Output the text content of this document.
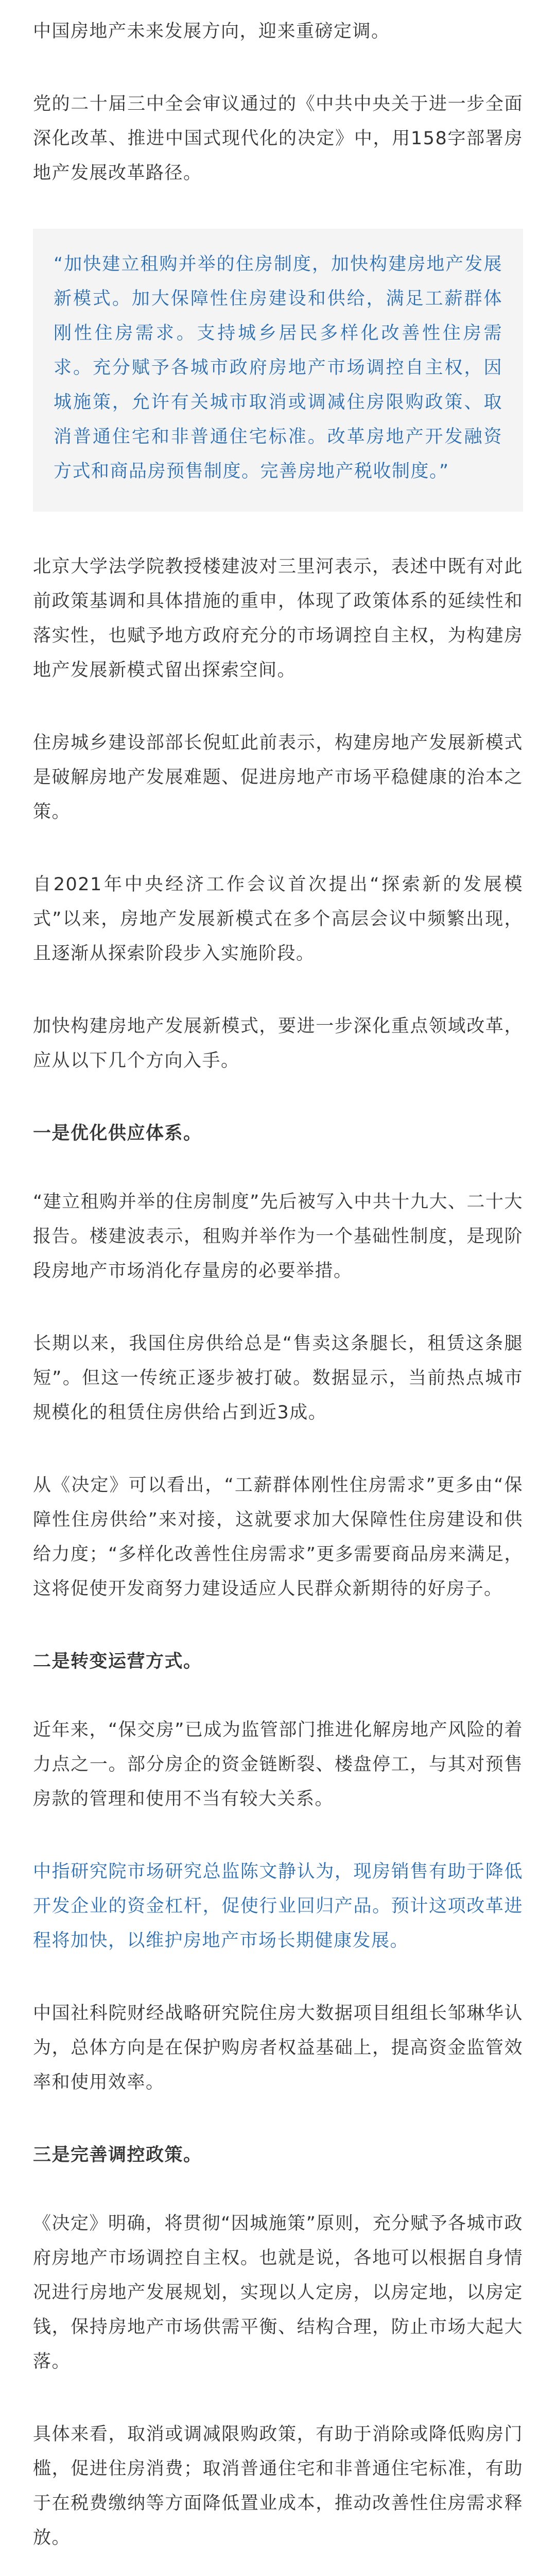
中国房地产未来发展方向，迎来重磅定调。

党的二十届三中全会审议通过的《中共中央关于进一步全面深化改革、推进中国式现代化的决定》中，用158字部署房地产发展改革路径。

“加快建立租购并举的住房制度，加快构建房地产发展新模式。加大保障性住房建设和供给，满足工薪群体刚性住房需求。支持城乡居民多样化改善性住房需求。充分赋予各城市政府房地产市场调控自主权，因城施策，允许有关城市取消或调减住房限购政策、取消普通住宅和非普通住宅标准。改革房地产开发融资方式和商品房预售制度。完善房地产税收制度。”

北京大学法学院教授楼建波对三里河表示，表述中既有对此前政策基调和具体措施的重申，体现了政策体系的延续性和落实性，也赋予地方政府充分的市场调控自主权，为构建房地产发展新模式留出探索空间。

住房城乡建设部部长倪虹此前表示，构建房地产发展新模式是破解房地产发展难题、促进房地产市场平稳健康的治本之策。

自2021年中央经济工作会议首次提出“探索新的发展模式”以来，房地产发展新模式在多个高层会议中频繁出现，且逐渐从探索阶段步入实施阶段。

加快构建房地产发展新模式，要进一步深化重点领域改革，应从以下几个方向入手。

一是优化供应体系。

“建立租购并举的住房制度”先后被写入中共十九大、二十大报告。楼建波表示，租购并举作为一个基础性制度，是现阶段房地产市场消化存量房的必要举措。

长期以来，我国住房供给总是“售卖这条腿长，租赁这条腿短”。但这一传统正逐步被打破。数据显示，当前热点城市规模化的租赁住房供给占到近3成。

从《决定》可以看出，“工薪群体刚性住房需求”更多由“保障性住房供给”来对接，这就要求加大保障性住房建设和供给力度；“多样化改善性住房需求”更多需要商品房来满足，这将促使开发商努力建设适应人民群众新期待的好房子。

二是转变运营方式。

近年来，“保交房”已成为监管部门推进化解房地产风险的着力点之一。部分房企的资金链断裂、楼盘停工，与其对预售房款的管理和使用不当有较大关系。

中指研究院市场研究总监陈文静认为，现房销售有助于降低开发企业的资金杠杆，促使行业回归产品。预计这项改革进程将加快，以维护房地产市场长期健康发展。

中国社科院财经战略研究院住房大数据项目组组长邹琳华认为，总体方向是在保护购房者权益基础上，提高资金监管效率和使用效率。

三是完善调控政策。

《决定》明确，将贯彻“因城施策”原则，充分赋予各城市政府房地产市场调控自主权。也就是说，各地可以根据自身情况进行房地产发展规划，实现以人定房，以房定地，以房定钱，保持房地产市场供需平衡、结构合理，防止市场大起大落。

具体来看，取消或调减限购政策，有助于消除或降低购房门槛，促进住房消费；取消普通住宅和非普通住宅标准，有助于在税费缴纳等方面降低置业成本，推动改善性住房需求释放。
